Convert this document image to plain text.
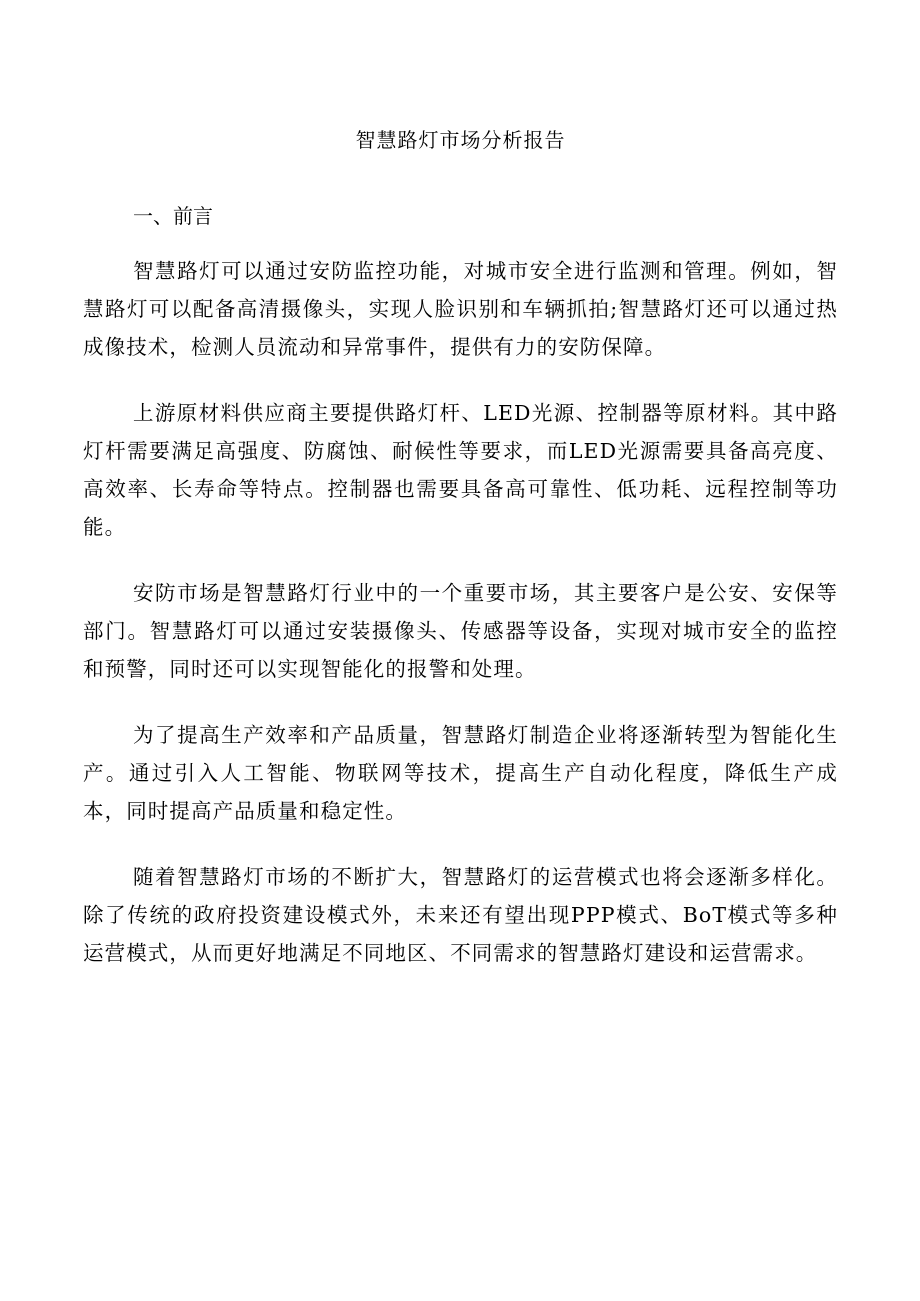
智慧路灯市场分析报告
一、前言

智慧路灯可以通过安防监控功能，对城市安全进行监测和管理。例如，智慧路灯可以配备高清摄像头，实现人脸识别和车辆抓拍;智慧路灯还可以通过热成像技术，检测人员流动和异常事件，提供有力的安防保障。

上游原材料供应商主要提供路灯杆、LED光源、控制器等原材料。其中路灯杆需要满足高强度、防腐蚀、耐候性等要求，而LED光源需要具备高亮度、高效率、长寿命等特点。控制器也需要具备高可靠性、低功耗、远程控制等功能。

安防市场是智慧路灯行业中的一个重要市场，其主要客户是公安、安保等部门。智慧路灯可以通过安装摄像头、传感器等设备，实现对城市安全的监控和预警，同时还可以实现智能化的报警和处理。

为了提高生产效率和产品质量，智慧路灯制造企业将逐渐转型为智能化生产。通过引入人工智能、物联网等技术，提高生产自动化程度，降低生产成本，同时提高产品质量和稳定性。

随着智慧路灯市场的不断扩大，智慧路灯的运营模式也将会逐渐多样化。除了传统的政府投资建设模式外，未来还有望出现PPP模式、BoT模式等多种运营模式，从而更好地满足不同地区、不同需求的智慧路灯建设和运营需求。
